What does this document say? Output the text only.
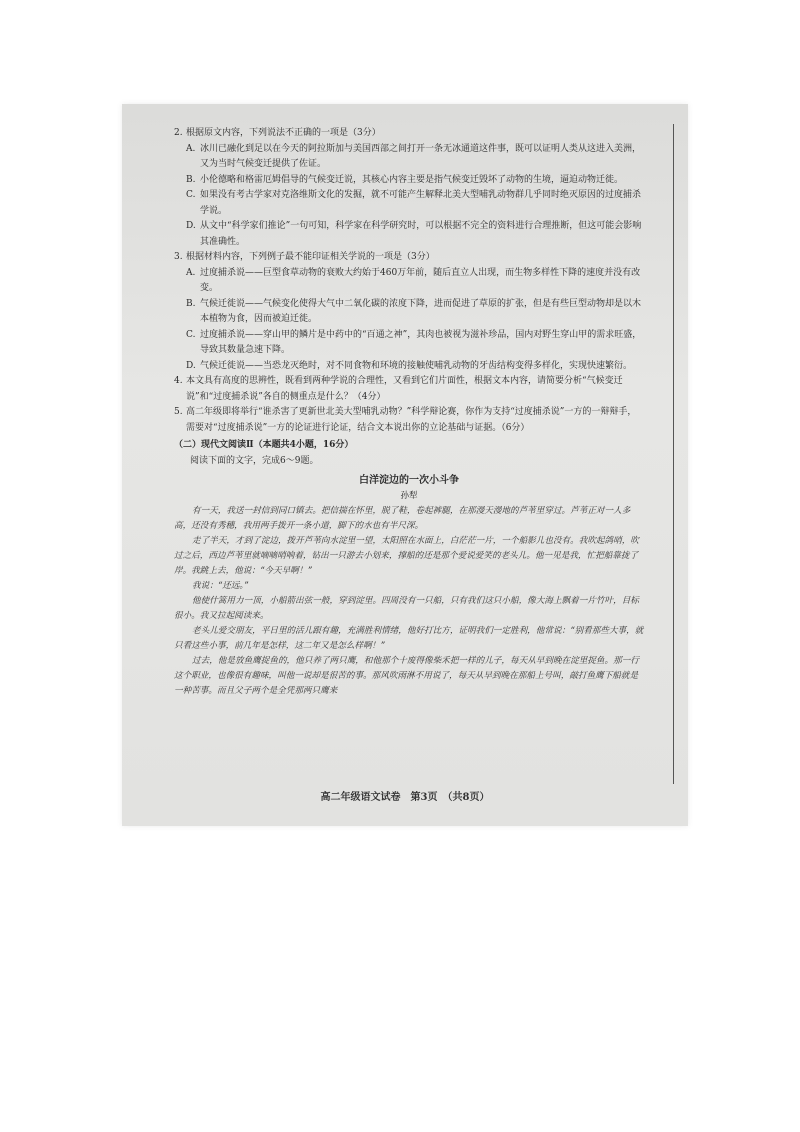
2. 根据原文内容，下列说法不正确的一项是（3分）
A. 冰川已融化到足以在今天的阿拉斯加与美国西部之间打开一条无冰通道这件事，既可以证明人类从这进入美洲，又为当时气候变迁提供了佐证。
B. 小伦德略和格雷厄姆倡导的气候变迁说，其核心内容主要是指气候变迁毁坏了动物的生境，逼迫动物迁徙。
C. 如果没有考古学家对克洛维斯文化的发掘，就不可能产生解释北美大型哺乳动物群几乎同时绝灭原因的过度捕杀学说。
D. 从文中“科学家们推论”一句可知，科学家在科学研究时，可以根据不完全的资料进行合理推断，但这可能会影响其准确性。
3. 根据材料内容，下列例子最不能印证相关学说的一项是（3分）
A. 过度捕杀说——巨型食草动物的衰败大约始于460万年前，随后直立人出现，而生物多样性下降的速度并没有改变。
B. 气候迁徙说——气候变化使得大气中二氧化碳的浓度下降，进而促进了草原的扩张，但是有些巨型动物却是以木本植物为食，因而被迫迁徙。
C. 过度捕杀说——穿山甲的鳞片是中药中的“百通之神”，其肉也被视为滋补珍品，国内对野生穿山甲的需求旺盛，导致其数量急速下降。
D. 气候迁徙说——当恐龙灭绝时，对不同食物和环境的接触使哺乳动物的牙齿结构变得多样化，实现快速繁衍。
4. 本文具有高度的思辨性，既看到两种学说的合理性，又看到它们片面性，根据文本内容，请简要分析“气候变迁说”和“过度捕杀说”各自的侧重点是什么？（4分）
5. 高二年级即将举行“谁杀害了更新世北美大型哺乳动物？”科学辩论赛，你作为支持“过度捕杀说”一方的一辩辩手，需要对“过度捕杀说”一方的论证进行论证，结合文本说出你的立论基础与证据。（6分）
（二）现代文阅读Ⅱ（本题共4小题，16分）
阅读下面的文字，完成6～9题。
白洋淀边的一次小斗争
孙犁
有一天，我送一封信到同口镇去。把信揣在怀里，脱了鞋，卷起裤腿，在那漫天漫地的芦苇里穿过。芦苇正对一人多高，还没有秀穗，我用两手拨开一条小道，脚下的水也有半尺深。
走了半天，才到了淀边，拨开芦苇向水淀里一望，太阳照在水面上，白茫茫一片，一个船影儿也没有。我吹起鸽哨，吹过之后，西边芦苇里就嘀嘀哨响着，钻出一只游去小划来，撑船的还是那个爱说爱笑的老头儿。他一见是我，忙把船靠拢了岸。我跳上去，他说：“今天早啊！”
我说：“还远。”
他使什篙用力一顶，小船箭出弦一般，穿到淀里。四周没有一只船，只有我们这只小船，像大海上飘着一片竹叶，目标很小。我又拉起阅读来。
老头儿爱交朋友，平日里的活儿跟有趣，充满胜利情绪，他好打比方，证明我们一定胜利，他常说：“别看那些大事，就只看这些小事，前几年是怎样，这二年又是怎么样啊！”
过去，他是放鱼鹰捉鱼的，他只养了两只鹰，和他那个十废得像柴禾把一样的儿子，每天从早到晚在淀里捉鱼。那一行这个职业，也像很有趣味，叫他一说却是很苦的事。那风吹雨淋不用说了，每天从早到晚在那船上号叫，敲打鱼鹰下船就是一种苦事。而且父子两个是全凭那两只鹰来
高二年级语文试卷　第3页　（共8页）
